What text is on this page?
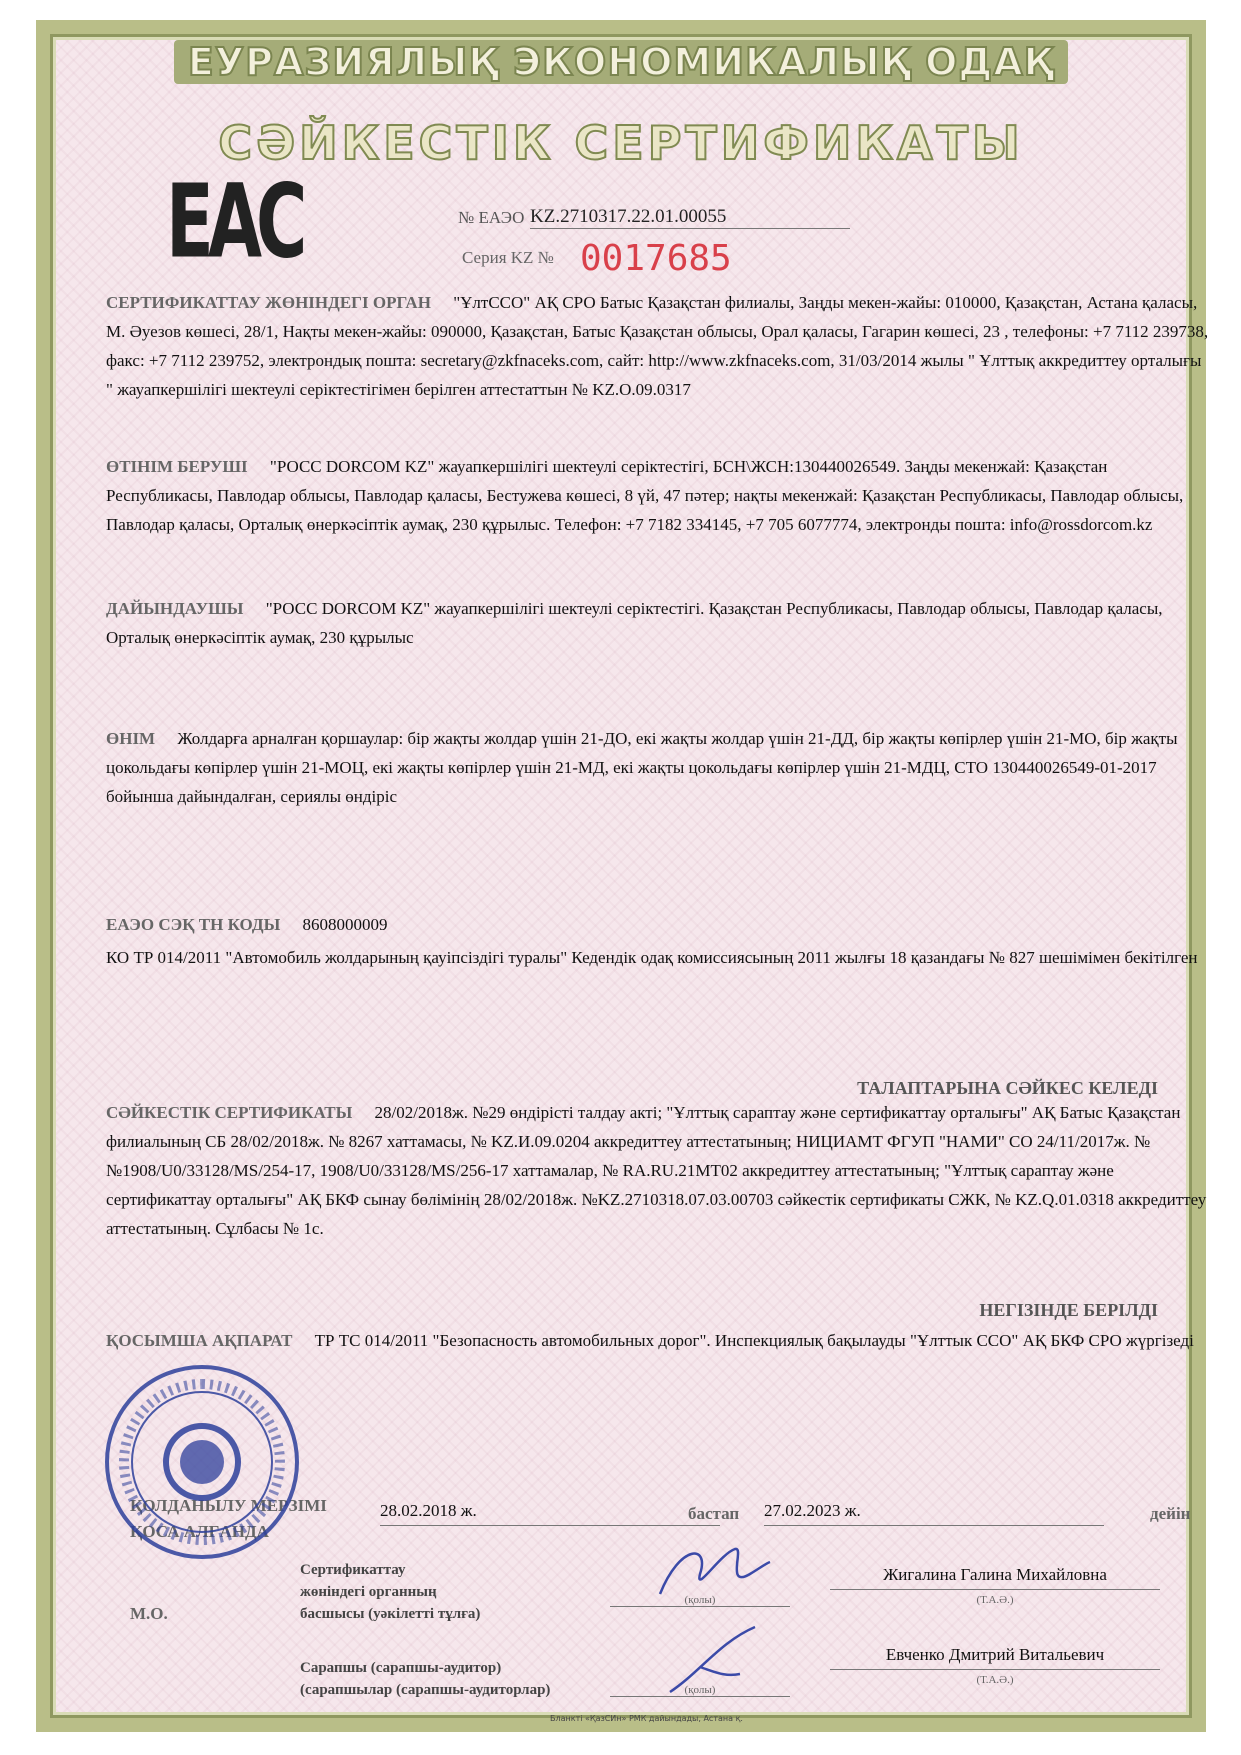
ЕУРАЗИЯЛЫҚ ЭКОНОМИКАЛЫҚ ОДАҚ
СӘЙКЕСТІК СЕРТИФИКАТЫ
EAC	№ ЕАЭО KZ.2710317.22.01.00055
Серия KZ № 0017685
СЕРТИФИКАТТАУ ЖӨНІНДЕГІ ОРГАН "ҰлтССО" АҚ СРО Батыс Қазақстан филиалы, Заңды мекен-жайы: 010000, Қазақстан, Астана қаласы, М. Әуезов көшесі, 28/1, Нақты мекен-жайы: 090000, Қазақстан, Батыс Қазақстан облысы, Орал қаласы, Гагарин көшесі, 23 , телефоны: +7 7112 239738, факс: +7 7112 239752, электрондық пошта: secretary@zkfnaceks.com, сайт: http://www.zkfnaceks.com, 31/03/2014 жылы " Ұлттық аккредиттеу орталығы " жауапкершілігі шектеулі серіктестігімен берілген аттестаттын № KZ.O.09.0317
ӨТІНІМ БЕРУШІ "РОСС DORCOM KZ" жауапкершілігі шектеулі серіктестігі, БСН\ЖСН:130440026549. Заңды мекенжай: Қазақстан Республикасы, Павлодар облысы, Павлодар қаласы, Бестужева көшесі, 8 үй, 47 пәтер; нақты мекенжай: Қазақстан Республикасы, Павлодар облысы, Павлодар қаласы, Орталық өнеркәсіптік аумақ, 230 құрылыс. Телефон: +7 7182 334145, +7 705 6077774, электронды пошта: info@rossdorcom.kz
ДАЙЫНДАУШЫ "РОСС DORCOM KZ" жауапкершілігі шектеулі серіктестігі. Қазақстан Республикасы, Павлодар облысы, Павлодар қаласы, Орталық өнеркәсіптік аумақ, 230 құрылыс
ӨНІМ Жолдарға арналған қоршаулар: бір жақты жолдар үшін 21-ДО, екі жақты жолдар үшін 21-ДД, бір жақты көпірлер үшін 21-МО, бір жақты цокольдағы көпірлер үшін 21-МОЦ, екі жақты көпірлер үшін 21-МД, екі жақты цокольдағы көпірлер үшін 21-МДЦ, СТО 130440026549-01-2017 бойынша дайындалған, сериялы өндіріс
ЕАЭО СЭҚ ТН КОДЫ 8608000009
КО ТР 014/2011 "Автомобиль жолдарының қауіпсіздігі туралы" Кедендік одақ комиссиясының 2011 жылғы 18 қазандағы № 827 шешімімен бекітілген
ТАЛАПТАРЫНА СӘЙКЕС КЕЛЕДІ
СӘЙКЕСТІК СЕРТИФИКАТЫ 28/02/2018ж. №29 өндірісті талдау акті; "Ұлттық сараптау және сертификаттау орталығы" АҚ Батыс Қазақстан филиалының СБ 28/02/2018ж. № 8267 хаттамасы, № KZ.И.09.0204 аккредиттеу аттестатының; НИЦИАМТ ФГУП "НАМИ" СО 24/11/2017ж. №№1908/U0/33128/MS/254-17, 1908/U0/33128/MS/256-17 хаттамалар, № RA.RU.21MT02 аккредиттеу аттестатының; "Ұлттық сараптау және сертификаттау орталығы" АҚ БКФ сынау бөлімінің 28/02/2018ж. №KZ.2710318.07.03.00703 сәйкестік сертификаты СЖК, № KZ.Q.01.0318 аккредиттеу аттестатының. Сұлбасы № 1с.
НЕГІЗІНДЕ БЕРІЛДІ
ҚОСЫМША АҚПАРАТ ТР ТС 014/2011 "Безопасность автомобильных дорог". Инспекциялық бақылауды "Ұлттык ССО" АҚ БКФ СРО жүргізеді
ҚОЛДАНЫЛУ МЕРЗІМІ
ҚОСА АЛҒАНДА
28.02.2018 ж.	бастап 27.02.2023 ж.	дейін
М.О.
Сертификаттау
жөніндегі органның
басшысы (уәкілетті тұлға)
(қолы)
Жигалина Галина Михайловна
(Т.А.Ә.)
Сарапшы (сарапшы-аудитор)
(сарапшылар (сарапшы-аудиторлар)	(қолы)
Евченко Дмитрий Витальевич
(Т.А.Ә.)
Бланкті «ҚазСИн» РМК дайындады, Астана қ.
